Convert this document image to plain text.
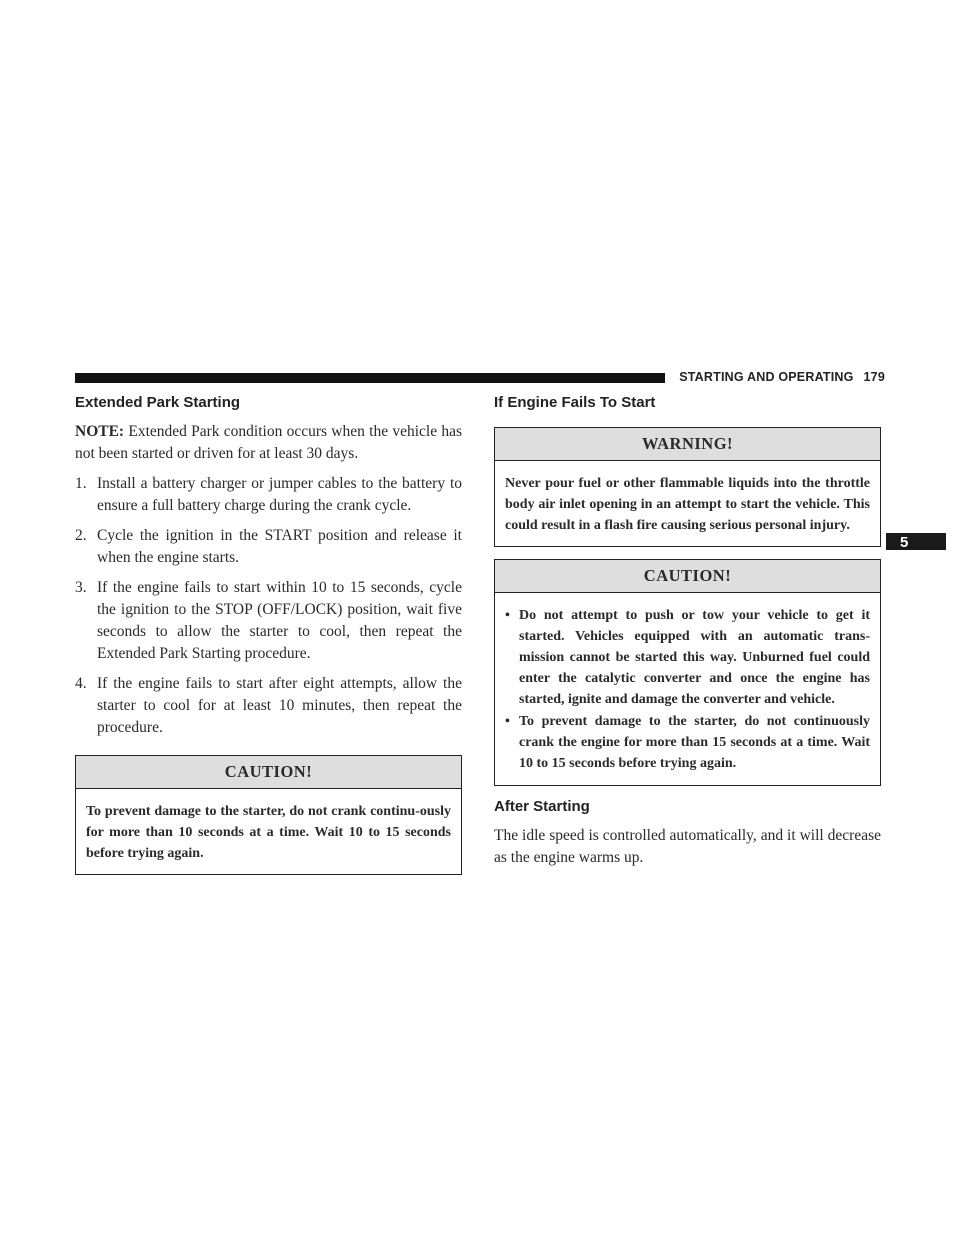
STARTING AND OPERATING 179
5
Extended Park Starting

NOTE: Extended Park condition occurs when the vehicle has not been started or driven for at least 30 days.

1. Install a battery charger or jumper cables to the battery to ensure a full battery charge during the crank cycle.
2. Cycle the ignition in the START position and release it when the engine starts.
3. If the engine fails to start within 10 to 15 seconds, cycle the ignition to the STOP (OFF/LOCK) position, wait five seconds to allow the starter to cool, then repeat the Extended Park Starting procedure.
4. If the engine fails to start after eight attempts, allow the starter to cool for at least 10 minutes, then repeat the procedure.
CAUTION!
To prevent damage to the starter, do not crank continu-ously for more than 10 seconds at a time. Wait 10 to 15 seconds before trying again.
If Engine Fails To Start
WARNING!
Never pour fuel or other flammable liquids into the throttle body air inlet opening in an attempt to start the vehicle. This could result in a flash fire causing serious personal injury.
CAUTION!
• Do not attempt to push or tow your vehicle to get it started. Vehicles equipped with an automatic trans-mission cannot be started this way. Unburned fuel could enter the catalytic converter and once the engine has started, ignite and damage the converter and vehicle.
• To prevent damage to the starter, do not continuously crank the engine for more than 15 seconds at a time. Wait 10 to 15 seconds before trying again.
After Starting

The idle speed is controlled automatically, and it will decrease as the engine warms up.
